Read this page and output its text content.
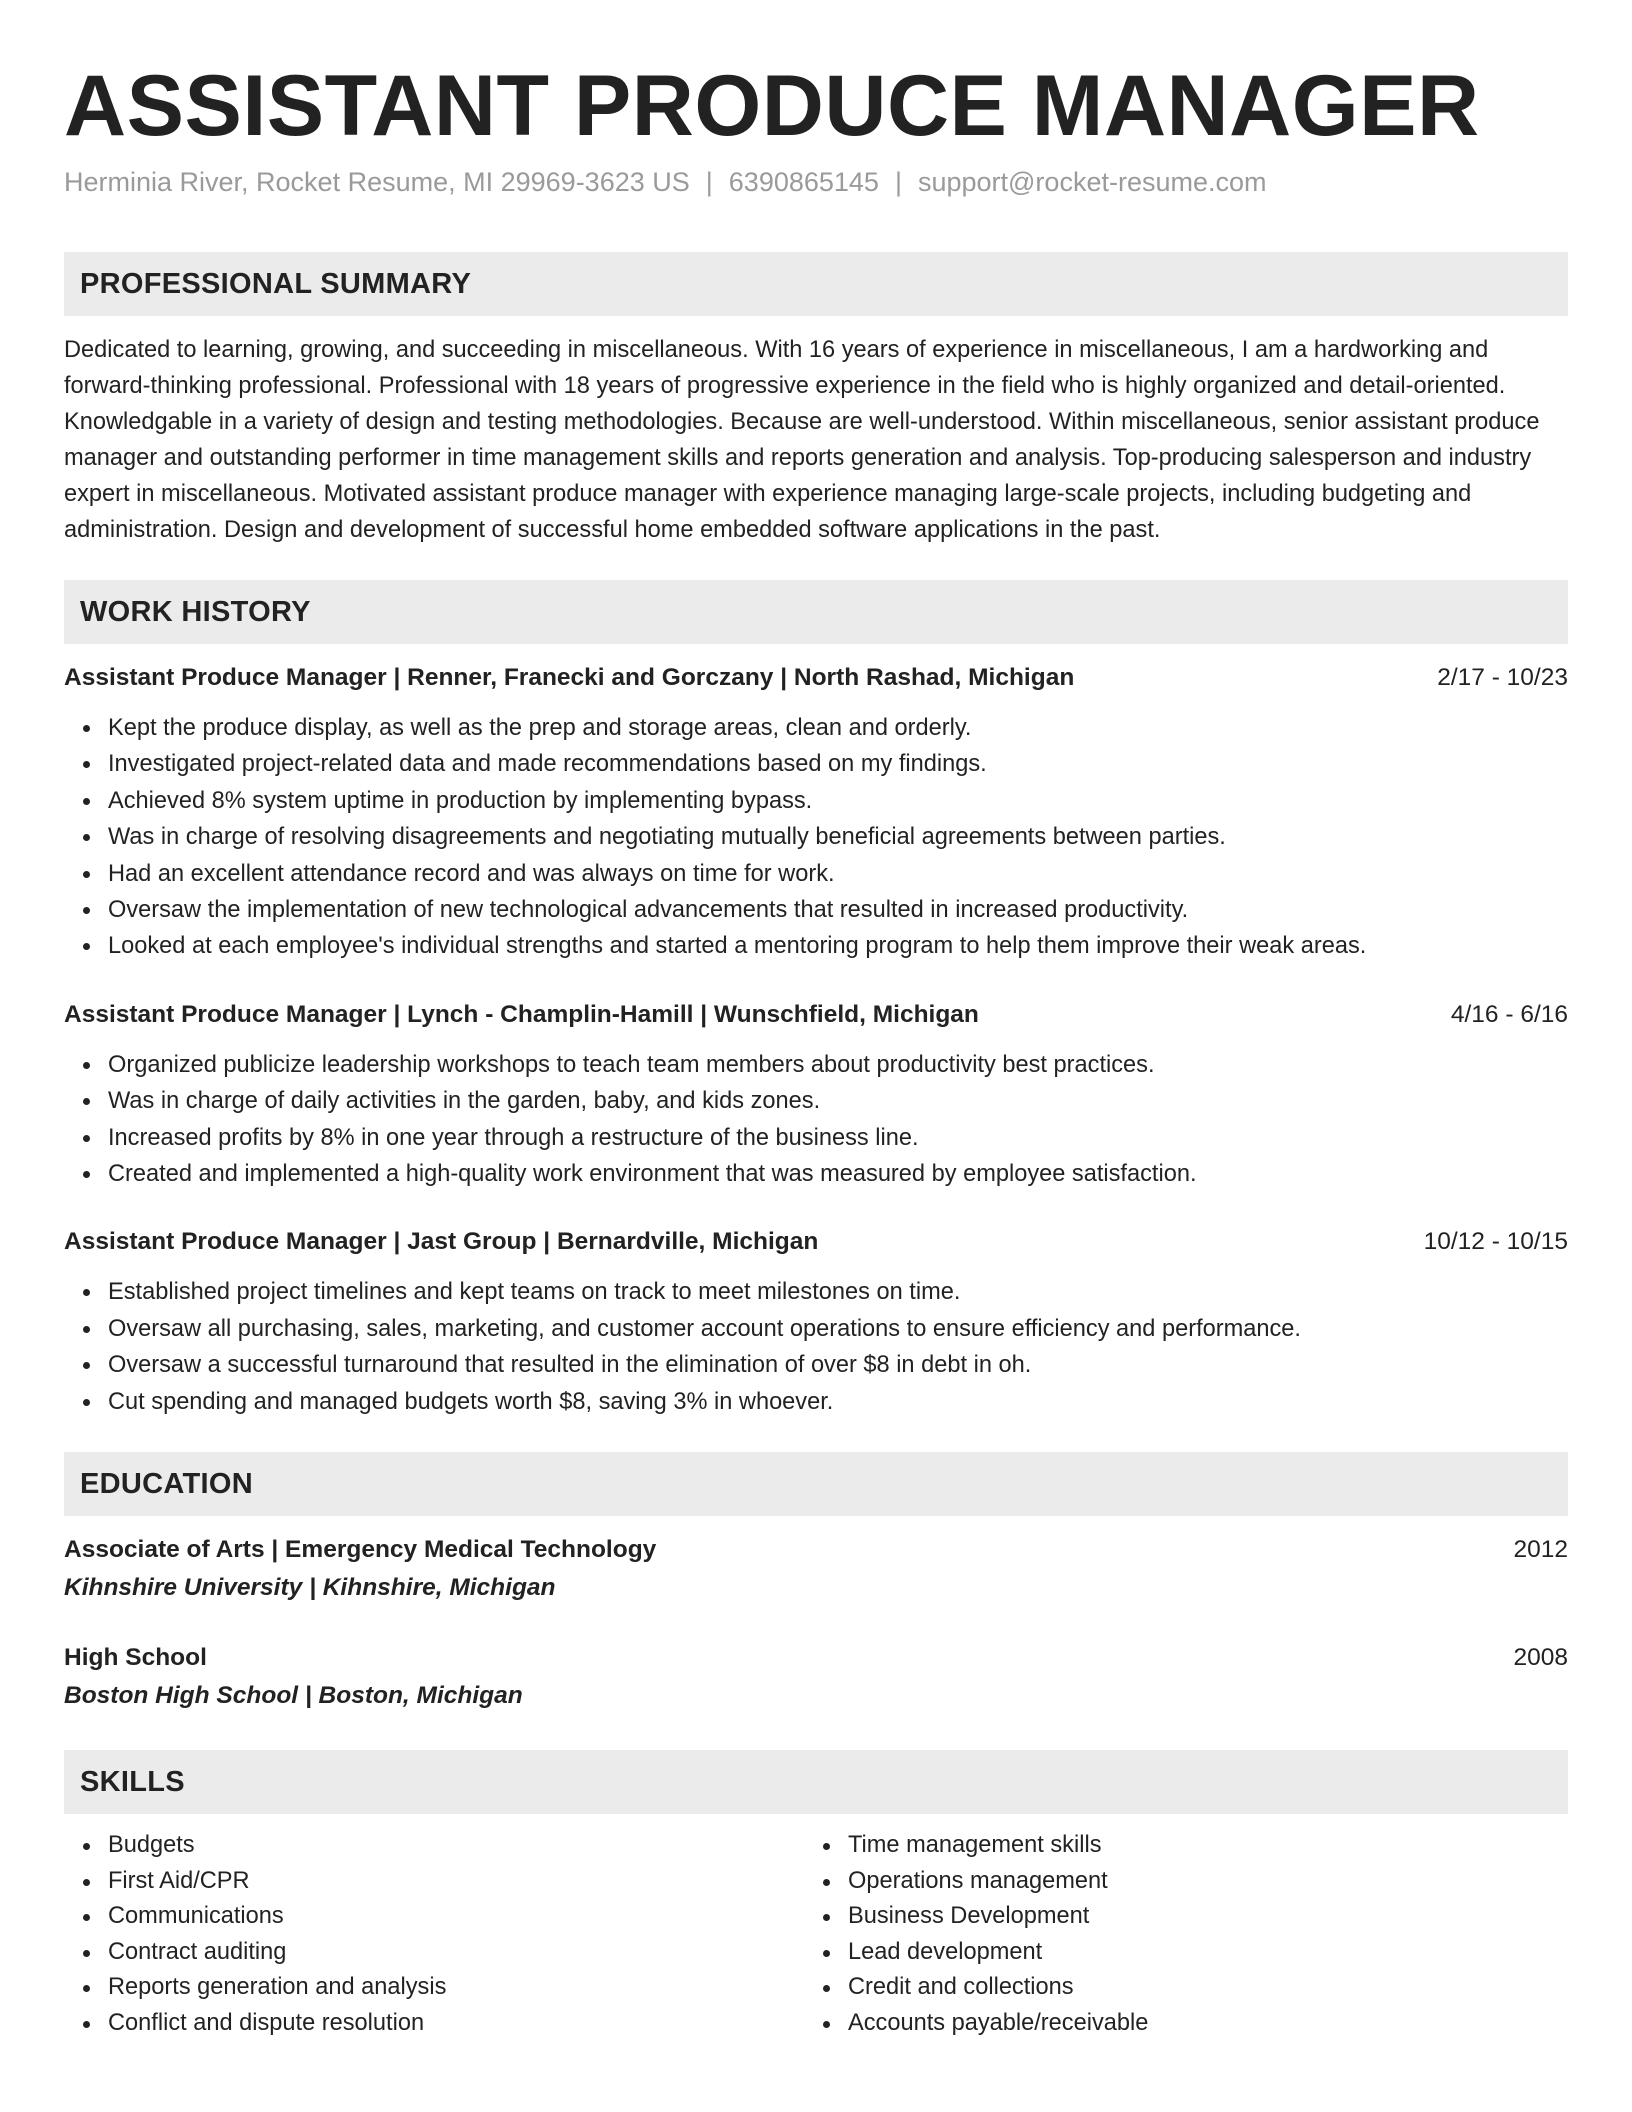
ASSISTANT PRODUCE MANAGER
Herminia River, Rocket Resume, MI 29969-3623 US | 6390865145 | support@rocket-resume.com
PROFESSIONAL SUMMARY

Dedicated to learning, growing, and succeeding in miscellaneous. With 16 years of experience in miscellaneous, I am a hardworking and forward-thinking professional. Professional with 18 years of progressive experience in the field who is highly organized and detail-oriented. Knowledgable in a variety of design and testing methodologies. Because are well-understood. Within miscellaneous, senior assistant produce manager and outstanding performer in time management skills and reports generation and analysis. Top-producing salesperson and industry expert in miscellaneous. Motivated assistant produce manager with experience managing large-scale projects, including budgeting and administration. Design and development of successful home embedded software applications in the past.

WORK HISTORY
Assistant Produce Manager | Renner, Franecki and Gorczany | North Rashad, Michigan	2/17 - 10/23
Kept the produce display, as well as the prep and storage areas, clean and orderly.
Investigated project-related data and made recommendations based on my findings.
Achieved 8% system uptime in production by implementing bypass.
Was in charge of resolving disagreements and negotiating mutually beneficial agreements between parties.
Had an excellent attendance record and was always on time for work.
Oversaw the implementation of new technological advancements that resulted in increased productivity.
Looked at each employee's individual strengths and started a mentoring program to help them improve their weak areas.
Assistant Produce Manager | Lynch - Champlin-Hamill | Wunschfield, Michigan	4/16 - 6/16
Organized publicize leadership workshops to teach team members about productivity best practices.
Was in charge of daily activities in the garden, baby, and kids zones.
Increased profits by 8% in one year through a restructure of the business line.
Created and implemented a high-quality work environment that was measured by employee satisfaction.
Assistant Produce Manager | Jast Group | Bernardville, Michigan	10/12 - 10/15
Established project timelines and kept teams on track to meet milestones on time.
Oversaw all purchasing, sales, marketing, and customer account operations to ensure efficiency and performance.
Oversaw a successful turnaround that resulted in the elimination of over $8 in debt in oh.
Cut spending and managed budgets worth $8, saving 3% in whoever.
EDUCATION
Associate of Arts | Emergency Medical Technology	2012
Kihnshire University | Kihnshire, Michigan
High School	2008
Boston High School | Boston, Michigan
SKILLS
Budgets
First Aid/CPR
Communications
Contract auditing
Reports generation and analysis
Conflict and dispute resolution
Time management skills
Operations management
Business Development
Lead development
Credit and collections
Accounts payable/receivable
